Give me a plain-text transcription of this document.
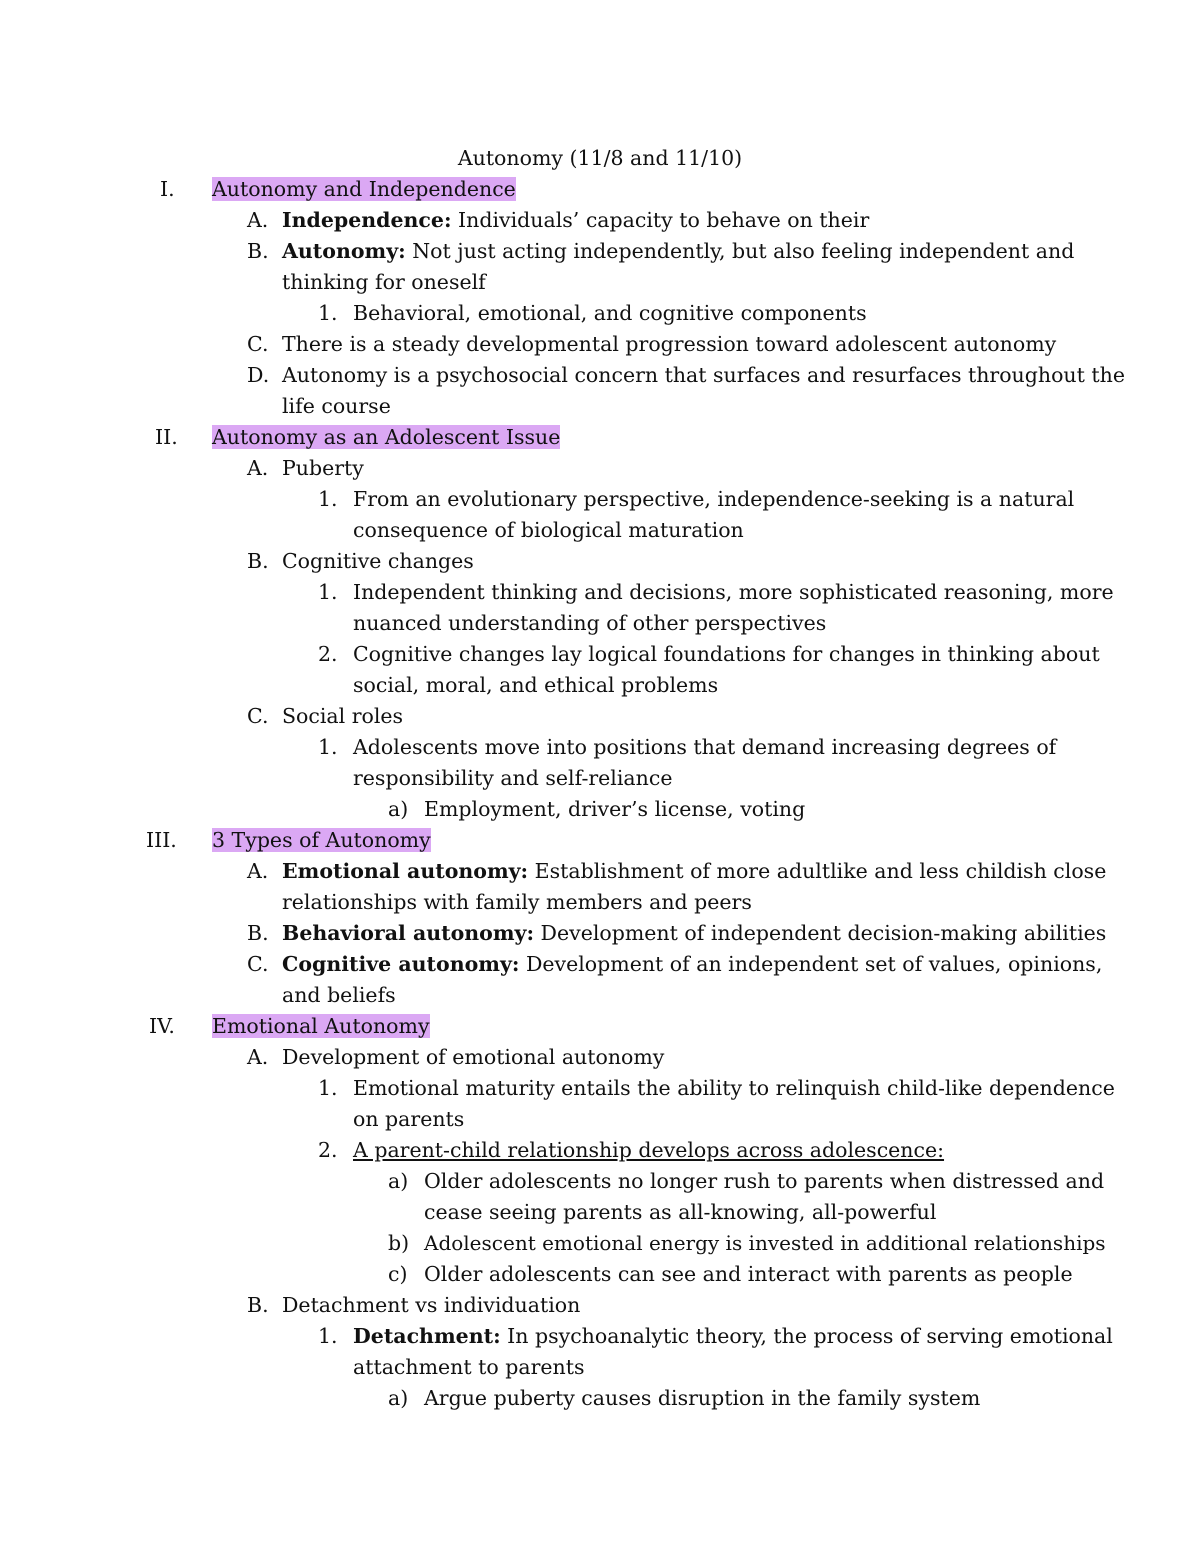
Autonomy (11/8 and 11/10)
I. Autonomy and Independence
A. Independence: Individuals’ capacity to behave on their
B. Autonomy: Not just acting independently, but also feeling independent and
thinking for oneself
1. Behavioral, emotional, and cognitive components
C. There is a steady developmental progression toward adolescent autonomy
D. Autonomy is a psychosocial concern that surfaces and resurfaces throughout the
life course
II. Autonomy as an Adolescent Issue
A. Puberty
1. From an evolutionary perspective, independence-seeking is a natural
consequence of biological maturation
B. Cognitive changes
1. Independent thinking and decisions, more sophisticated reasoning, more
nuanced understanding of other perspectives
2. Cognitive changes lay logical foundations for changes in thinking about
social, moral, and ethical problems
C. Social roles
1. Adolescents move into positions that demand increasing degrees of
responsibility and self-reliance
a) Employment, driver’s license, voting
III. 3 Types of Autonomy
A. Emotional autonomy: Establishment of more adultlike and less childish close
relationships with family members and peers
B. Behavioral autonomy: Development of independent decision-making abilities
C. Cognitive autonomy: Development of an independent set of values, opinions,
and beliefs
IV. Emotional Autonomy
A. Development of emotional autonomy
1. Emotional maturity entails the ability to relinquish child-like dependence
on parents
2. A parent-child relationship develops across adolescence:
a) Older adolescents no longer rush to parents when distressed and
cease seeing parents as all-knowing, all-powerful
b) Adolescent emotional energy is invested in additional relationships
c) Older adolescents can see and interact with parents as people
B. Detachment vs individuation
1. Detachment: In psychoanalytic theory, the process of serving emotional
attachment to parents
a) Argue puberty causes disruption in the family system
